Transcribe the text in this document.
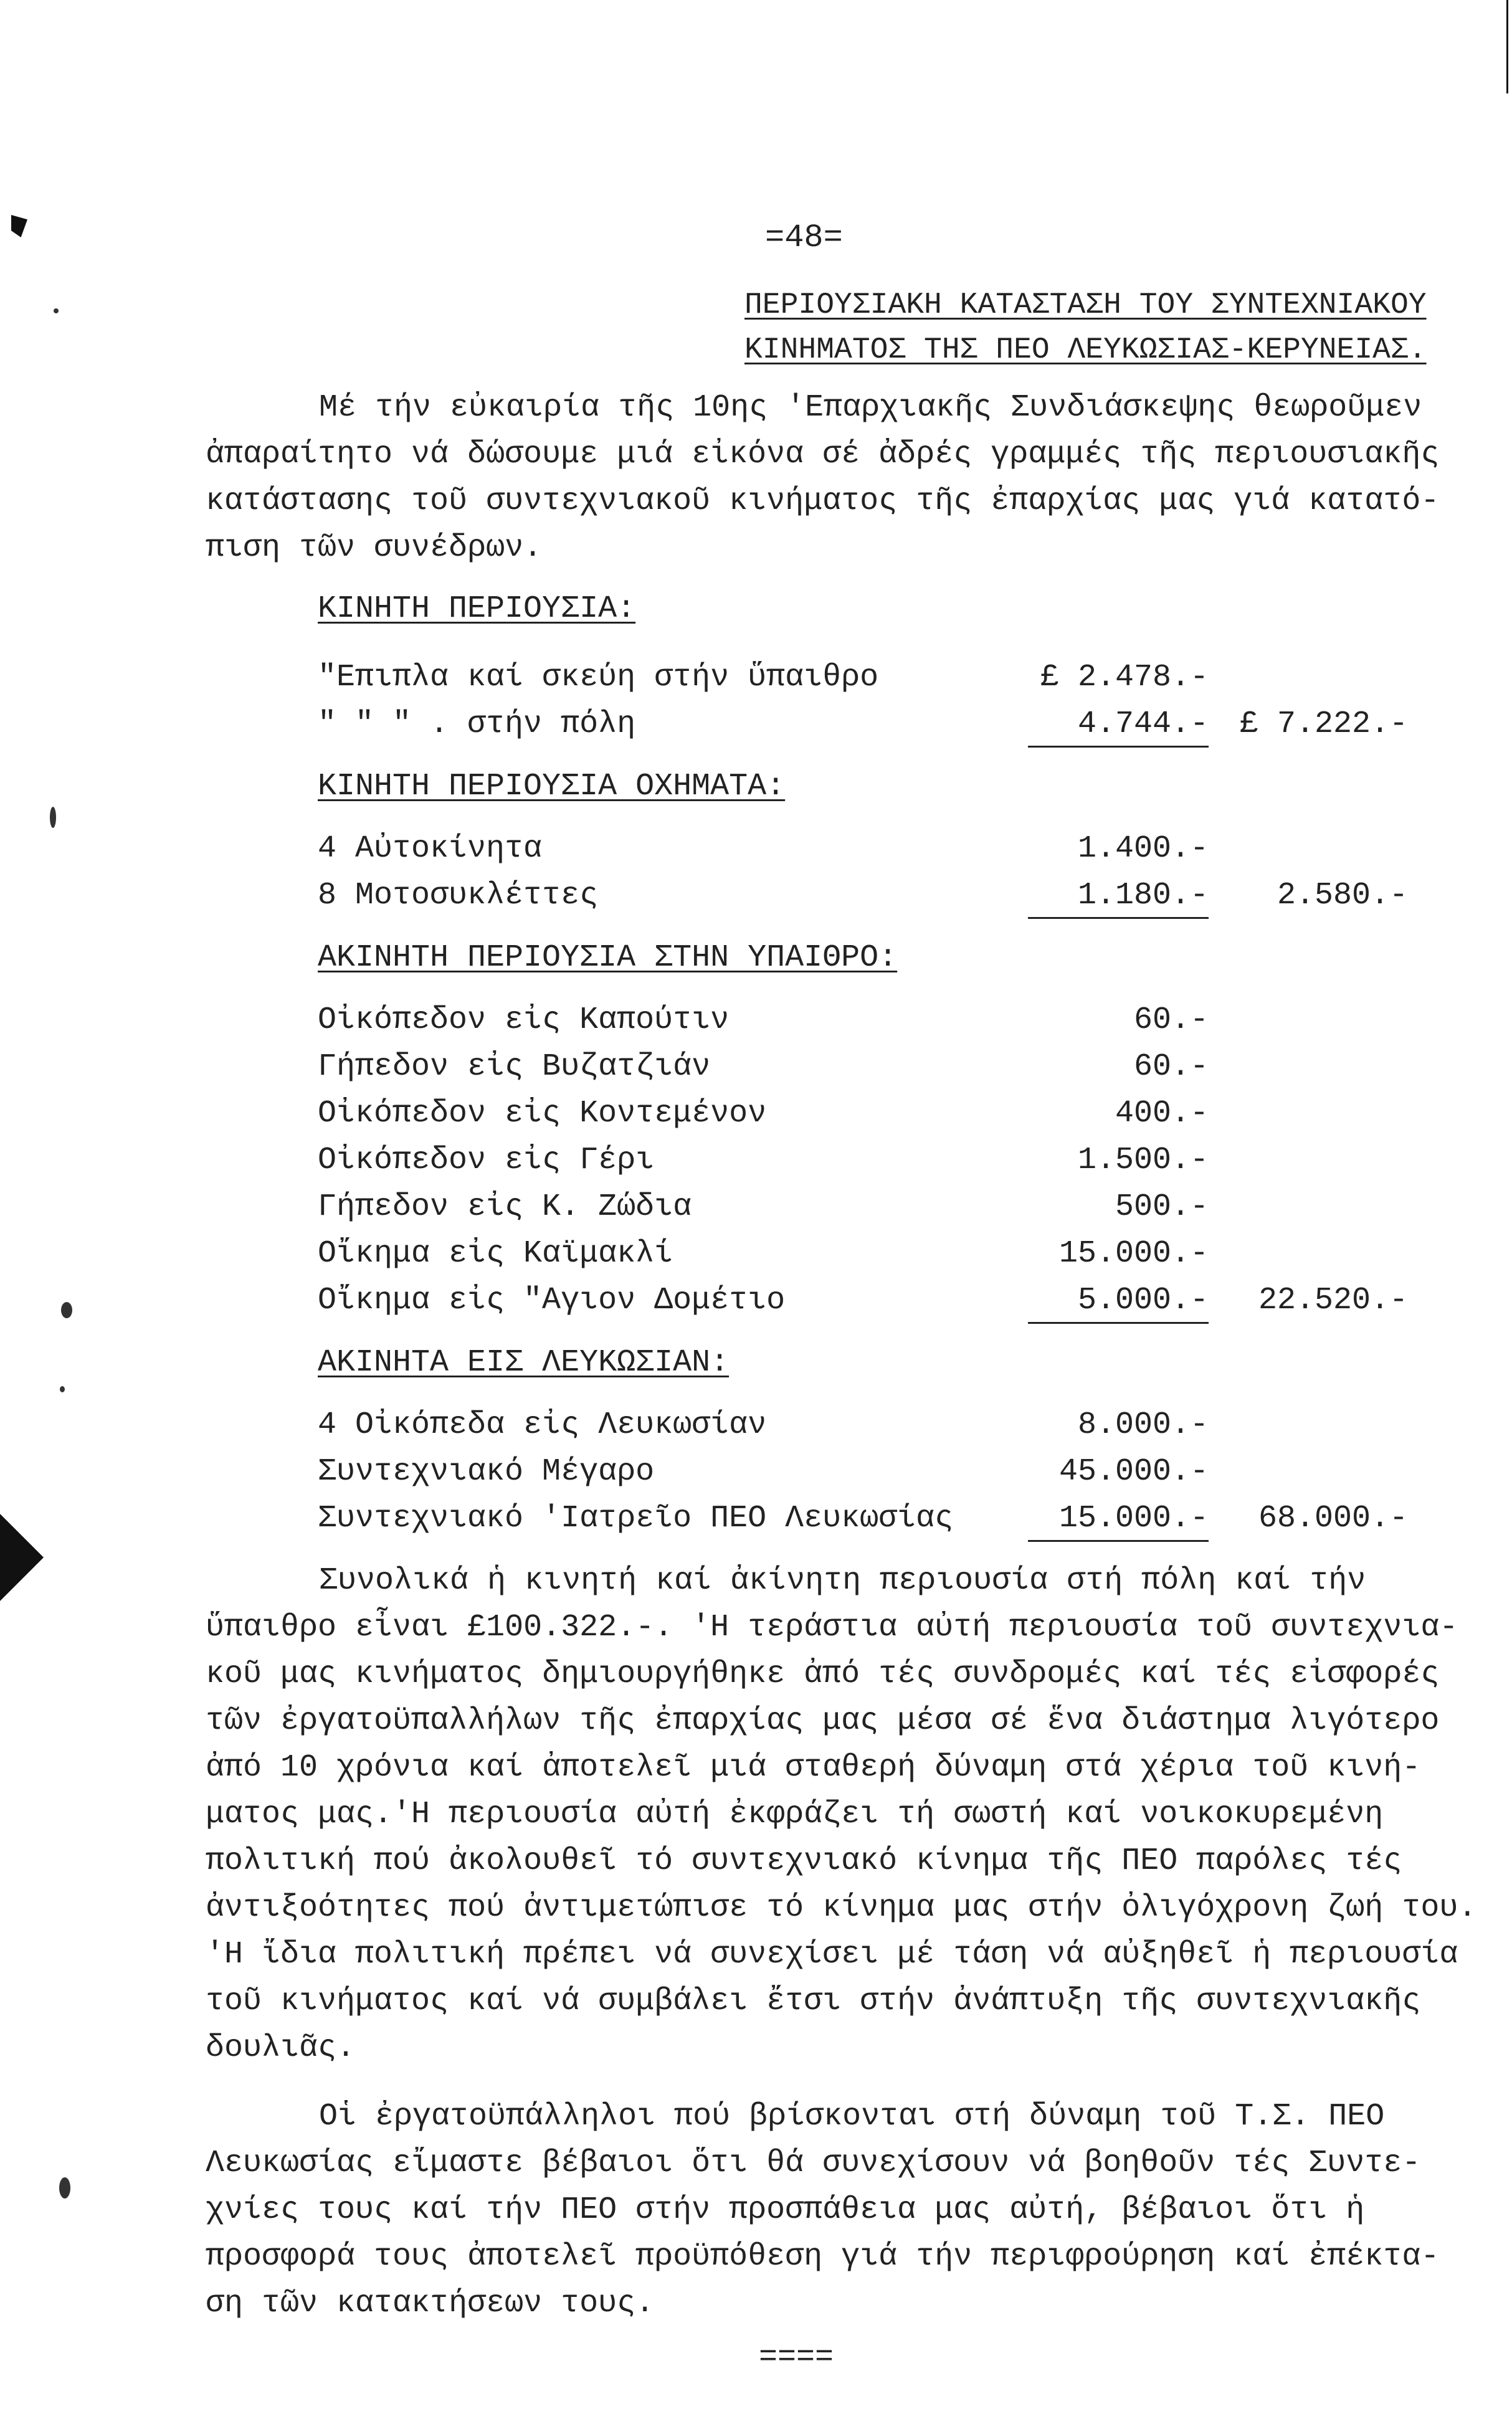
=48=
ΠΕΡΙΟΥΣΙΑΚΗ ΚΑΤΑΣΤΑΣΗ ΤΟΥ ΣΥΝΤΕΧΝΙΑΚΟΥ
ΚΙΝΗΜΑΤΟΣ ΤΗΣ ΠΕΟ ΛΕΥΚΩΣΙΑΣ-ΚΕΡΥΝΕΙΑΣ.
Μέ τήν εὐκαιρία τῆς 10ης 'Επαρχιακῆς Συνδιάσκεψης θεωροῦμεν
ἀπαραίτητο νά δώσουμε μιά εἰκόνα σέ ἀδρές γραμμές τῆς περιουσιακῆς
κατάστασης τοῦ συντεχνιακοῦ κινήματος τῆς ἐπαρχίας μας γιά κατατό-
πιση τῶν συνέδρων.
ΚΙΝΗΤΗ ΠΕΡΙΟΥΣΙΑ:
"Επιπλα καί σκεύη στήν ὕπαιθρο	£ 2.478.-
" " " . στήν πόλη	4.744.- £ 7.222.-
ΚΙΝΗΤΗ ΠΕΡΙΟΥΣΙΑ ΟΧΗΜΑΤΑ:
4 Αὐτοκίνητα	1.400.-
8 Μοτοσυκλέττες	1.180.-	2.580.-
ΑΚΙΝΗΤΗ ΠΕΡΙΟΥΣΙΑ ΣΤΗΝ ΥΠΑΙΘΡΟ:
Οἰκόπεδον εἰς Καπούτιν	60.-
Γήπεδον εἰς Βυζατζιάν	60.-
Οἰκόπεδον εἰς Κοντεμένον	400.-
Οἰκόπεδον εἰς Γέρι	1.500.-
Γήπεδον εἰς Κ. Ζώδια	500.-
Οἴκημα εἰς Καϊμακλί	15.000.-
Οἴκημα εἰς "Αγιον Δομέτιο	5.000.-	22.520.-
ΑΚΙΝΗΤΑ ΕΙΣ ΛΕΥΚΩΣΙΑΝ:
4 Οἰκόπεδα εἰς Λευκωσίαν	8.000.-
Συντεχνιακό Μέγαρο	45.000.-
Συντεχνιακό 'Ιατρεῖο ΠΕΟ Λευκωσίας	15.000.-	68.000.-
Συνολικά ἡ κινητή καί ἀκίνητη περιουσία στή πόλη καί τήν
ὕπαιθρο εἶναι £100.322.-. 'Η τεράστια αὐτή περιουσία τοῦ συντεχνια-
κοῦ μας κινήματος δημιουργήθηκε ἀπό τές συνδρομές καί τές εἰσφορές
τῶν ἐργατοϋπαλλήλων τῆς ἐπαρχίας μας μέσα σέ ἕνα διάστημα λιγότερο
ἀπό 10 χρόνια καί ἀποτελεῖ μιά σταθερή δύναμη στά χέρια τοῦ κινή-
ματος μας.'Η περιουσία αὐτή ἐκφράζει τή σωστή καί νοικοκυρεμένη
πολιτική πού ἀκολουθεῖ τό συντεχνιακό κίνημα τῆς ΠΕΟ παρόλες τές
ἀντιξοότητες πού ἀντιμετώπισε τό κίνημα μας στήν ὀλιγόχρονη ζωή του.
'Η ἴδια πολιτική πρέπει νά συνεχίσει μέ τάση νά αὐξηθεῖ ἡ περιουσία
τοῦ κινήματος καί νά συμβάλει ἔτσι στήν ἀνάπτυξη τῆς συντεχνιακῆς
δουλιᾶς.
Οἱ ἐργατοϋπάλληλοι πού βρίσκονται στή δύναμη τοῦ Τ.Σ. ΠΕΟ
Λευκωσίας εἴμαστε βέβαιοι ὅτι θά συνεχίσουν νά βοηθοῦν τές Συντε-
χνίες τους καί τήν ΠΕΟ στήν προσπάθεια μας αὐτή, βέβαιοι ὅτι ἡ
προσφορά τους ἀποτελεῖ προϋπόθεση γιά τήν περιφρούρηση καί ἐπέκτα-
ση τῶν κατακτήσεων τους.
====
